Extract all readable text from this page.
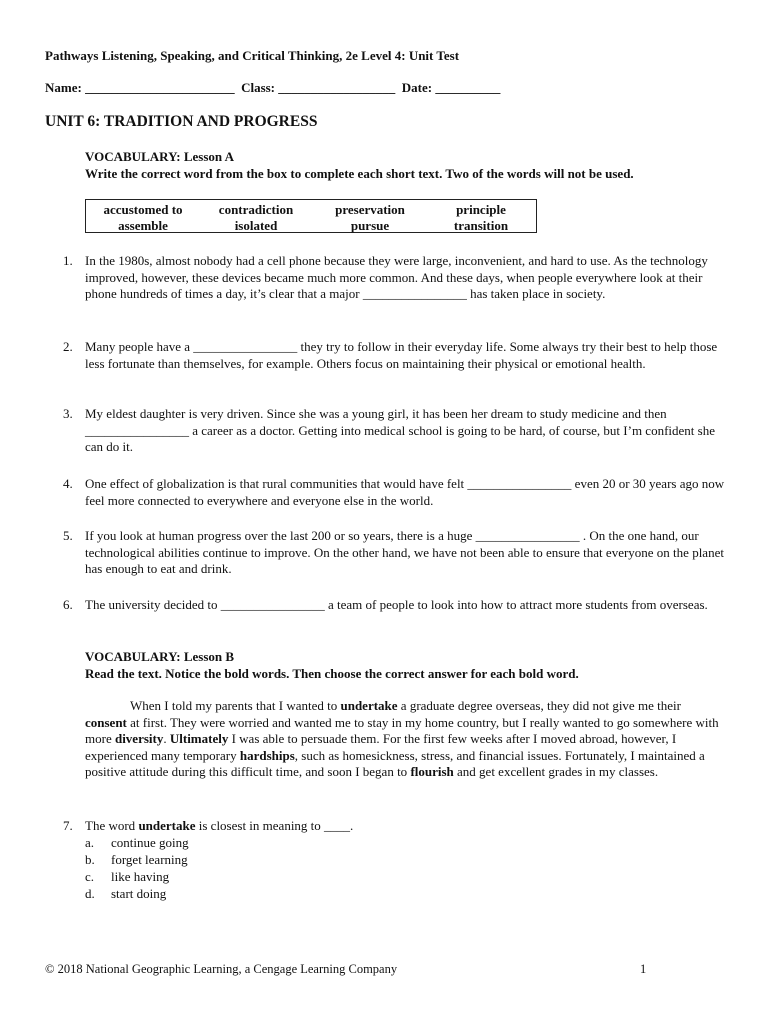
Pathways Listening, Speaking, and Critical Thinking, 2e Level 4: Unit Test
Name: _______________________  Class: __________________  Date: __________
UNIT 6: TRADITION AND PROGRESS
VOCABULARY: Lesson A
Write the correct word from the box to complete each short text. Two of the words will not be used.
accustomed to
assemble
contradiction
isolated
preservation
pursue
principle
transition
1. In the 1980s, almost nobody had a cell phone because they were large, inconvenient, and hard to use. As the technology improved, however, these devices became much more common. And these days, when people everywhere look at their phone hundreds of times a day, it’s clear that a major ________________ has taken place in society.
2. Many people have a ________________ they try to follow in their everyday life. Some always try their best to help those less fortunate than themselves, for example. Others focus on maintaining their physical or emotional health.
3. My eldest daughter is very driven. Since she was a young girl, it has been her dream to study medicine and then ________________ a career as a doctor. Getting into medical school is going to be hard, of course, but I’m confident she can do it.
4. One effect of globalization is that rural communities that would have felt ________________ even 20 or 30 years ago now feel more connected to everywhere and everyone else in the world.
5. If you look at human progress over the last 200 or so years, there is a huge ________________ . On the one hand, our technological abilities continue to improve. On the other hand, we have not been able to ensure that everyone on the planet has enough to eat and drink.
6. The university decided to ________________ a team of people to look into how to attract more students from overseas.
VOCABULARY: Lesson B
Read the text. Notice the bold words. Then choose the correct answer for each bold word.

When I told my parents that I wanted to undertake a graduate degree overseas, they did not give me their consent at first. They were worried and wanted me to stay in my home country, but I really wanted to go somewhere with more diversity. Ultimately I was able to persuade them. For the first few weeks after I moved abroad, however, I experienced many temporary hardships, such as homesickness, stress, and financial issues. Fortunately, I maintained a positive attitude during this difficult time, and soon I began to flourish and get excellent grades in my classes.

7. The word undertake is closest in meaning to ____.
a. continue going
b. forget learning
c. like having
d. start doing
© 2018 National Geographic Learning, a Cengage Learning Company	1
